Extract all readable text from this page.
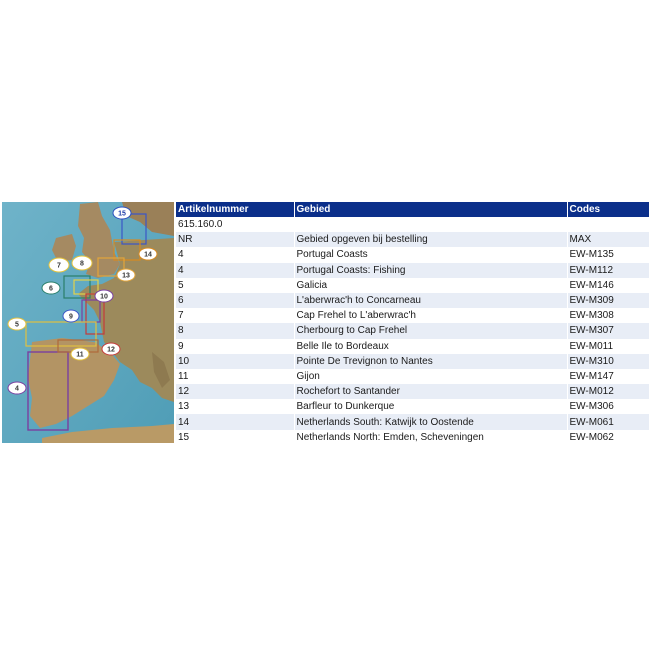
15
7	8
14
13
6
10
5
9
11
12
4
Artikelnummer	Gebied	Codes
615.160.0		
NR	Gebied opgeven bij bestelling	MAX
4	Portugal Coasts	EW-M135
4	Portugal Coasts: Fishing	EW-M112
5	Galicia	EW-M146
6	L'aberwrac'h to Concarneau	EW-M309
7	Cap Frehel to L'aberwrac'h	EW-M308
8	Cherbourg to Cap Frehel	EW-M307
9	Belle Ile to Bordeaux	EW-M011
10	Pointe De Trevignon to Nantes	EW-M310
11	Gijon	EW-M147
12	Rochefort to Santander	EW-M012
13	Barfleur to Dunkerque	EW-M306
14	Netherlands South: Katwijk to Oostende	EW-M061
15	Netherlands North: Emden, Scheveningen	EW-M062
